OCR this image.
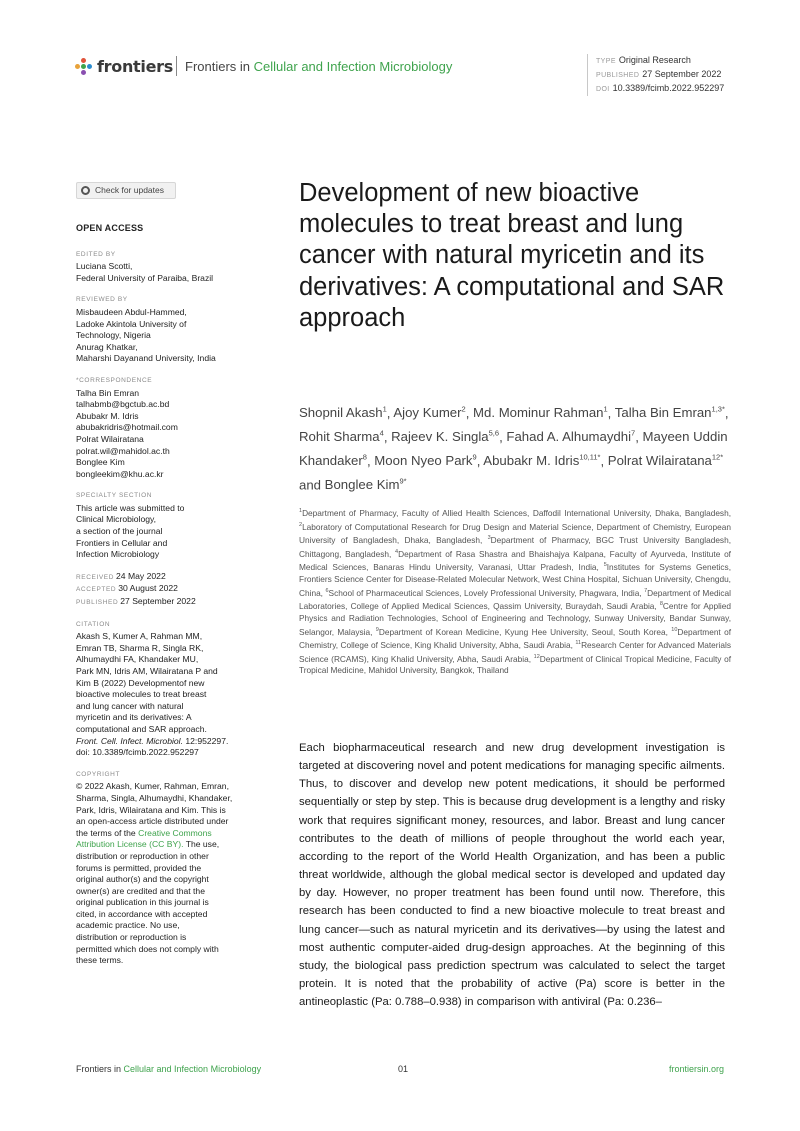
frontiers Frontiers in Cellular and Infection Microbiology	TYPE Original Research
PUBLISHED 27 September 2022
DOI 10.3389/fcimb.2022.952297
Check for updates
OPEN ACCESS
EDITED BY
Luciana Scotti,
Federal University of Paraiba, Brazil
REVIEWED BY
Misbaudeen Abdul-Hammed,
Ladoke Akintola University of
Technology, Nigeria
Anurag Khatkar,
Maharshi Dayanand University, India
*CORRESPONDENCE
Talha Bin Emran
talhabmb@bgctub.ac.bd
Abubakr M. Idris
abubakridris@hotmail.com
Polrat Wilairatana
polrat.wil@mahidol.ac.th
Bonglee Kim
bongleekim@khu.ac.kr
SPECIALTY SECTION
This article was submitted to
Clinical Microbiology,
a section of the journal
Frontiers in Cellular and
Infection Microbiology
RECEIVED 24 May 2022
ACCEPTED 30 August 2022
PUBLISHED 27 September 2022
CITATION
Akash S, Kumer A, Rahman MM,
Emran TB, Sharma R, Singla RK,
Alhumaydhi FA, Khandaker MU,
Park MN, Idris AM, Wilairatana P and
Kim B (2022) Developmentof new
bioactive molecules to treat breast
and lung cancer with natural
myricetin and its derivatives: A
computational and SAR approach.
Front. Cell. Infect. Microbiol. 12:952297.
doi: 10.3389/fcimb.2022.952297
COPYRIGHT
© 2022 Akash, Kumer, Rahman, Emran,
Sharma, Singla, Alhumaydhi, Khandaker,
Park, Idris, Wilairatana and Kim. This is
an open-access article distributed under
the terms of the Creative Commons
Attribution License (CC BY). The use,
distribution or reproduction in other
forums is permitted, provided the
original author(s) and the copyright
owner(s) are credited and that the
original publication in this journal is
cited, in accordance with accepted
academic practice. No use,
distribution or reproduction is
permitted which does not comply with
these terms.
Development of new bioactive molecules to treat breast and lung cancer with natural myricetin and its derivatives: A computational and SAR approach
Shopnil Akash$^1$, Ajoy Kumer$^2$, Md. Mominur Rahman$^1$, Talha Bin Emran$^{1,3*}$, Rohit Sharma$^4$, Rajeev K. Singla$^{5,6}$, Fahad A. Alhumaydhi$^7$, Mayeen Uddin Khandaker$^8$, Moon Nyeo Park$^9$, Abubakr M. Idris$^{10,11*}$, Polrat Wilairatana$^{12*}$ and Bonglee Kim$^{9*}$
$^1$Department of Pharmacy, Faculty of Allied Health Sciences, Daffodil International University, Dhaka, Bangladesh, $^2$Laboratory of Computational Research for Drug Design and Material Science, Department of Chemistry, European University of Bangladesh, Dhaka, Bangladesh, $^3$Department of Pharmacy, BGC Trust University Bangladesh, Chittagong, Bangladesh, $^4$Department of Rasa Shastra and Bhaishajya Kalpana, Faculty of Ayurveda, Institute of Medical Sciences, Banaras Hindu University, Varanasi, Uttar Pradesh, India, $^5$Institutes for Systems Genetics, Frontiers Science Center for Disease-Related Molecular Network, West China Hospital, Sichuan University, Chengdu, China, $^6$School of Pharmaceutical Sciences, Lovely Professional University, Phagwara, India, $^7$Department of Medical Laboratories, College of Applied Medical Sciences, Qassim University, Buraydah, Saudi Arabia, $^8$Centre for Applied Physics and Radiation Technologies, School of Engineering and Technology, Sunway University, Bandar Sunway, Selangor, Malaysia, $^9$Department of Korean Medicine, Kyung Hee University, Seoul, South Korea, $^{10}$Department of Chemistry, College of Science, King Khalid University, Abha, Saudi Arabia, $^{11}$Research Center for Advanced Materials Science (RCAMS), King Khalid University, Abha, Saudi Arabia, $^{12}$Department of Clinical Tropical Medicine, Faculty of Tropical Medicine, Mahidol University, Bangkok, Thailand
Each biopharmaceutical research and new drug development investigation is targeted at discovering novel and potent medications for managing specific ailments. Thus, to discover and develop new potent medications, it should be performed sequentially or step by step. This is because drug development is a lengthy and risky work that requires significant money, resources, and labor. Breast and lung cancer contributes to the death of millions of people throughout the world each year, according to the report of the World Health Organization, and has been a public threat worldwide, although the global medical sector is developed and updated day by day. However, no proper treatment has been found until now. Therefore, this research has been conducted to find a new bioactive molecule to treat breast and lung cancer—such as natural myricetin and its derivatives—by using the latest and most authentic computer-aided drug-design approaches. At the beginning of this study, the biological pass prediction spectrum was calculated to select the target protein. It is noted that the probability of active (Pa) score is better in the antineoplastic (Pa: 0.788–0.938) in comparison with antiviral (Pa: 0.236–
Frontiers in Cellular and Infection Microbiology	01	frontiersin.org
